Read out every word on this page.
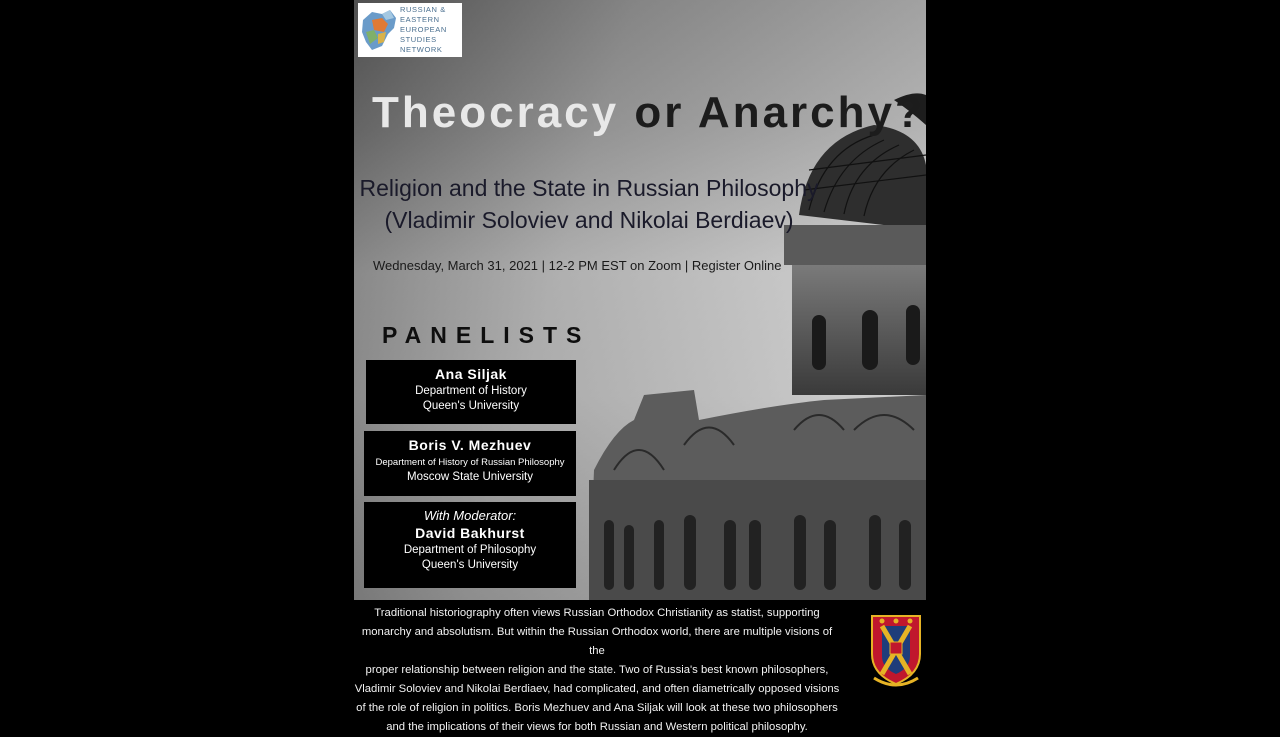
RUSSIAN &
EASTERN
EUROPEAN
STUDIES
NETWORK
Theocracy or Anarchy?
Religion and the State in Russian Philosophy
(Vladimir Soloviev and Nikolai Berdiaev)
Wednesday, March 31, 2021 | 12-2 PM EST on Zoom | Register Online
PANELISTS
Ana Siljak
Department of History
Queen's University
Boris V. Mezhuev
Department of History of Russian Philosophy
Moscow State University
With Moderator:
David Bakhurst
Department of Philosophy
Queen's University
Traditional historiography often views Russian Orthodox Christianity as statist, supporting
monarchy and absolutism. But within the Russian Orthodox world, there are multiple visions of the
proper relationship between religion and the state. Two of Russia's best known philosophers,
Vladimir Soloviev and Nikolai Berdiaev, had complicated, and often diametrically opposed visions
of the role of religion in politics. Boris Mezhuev and Ana Siljak will look at these two philosophers
and the implications of their views for both Russian and Western political philosophy.
